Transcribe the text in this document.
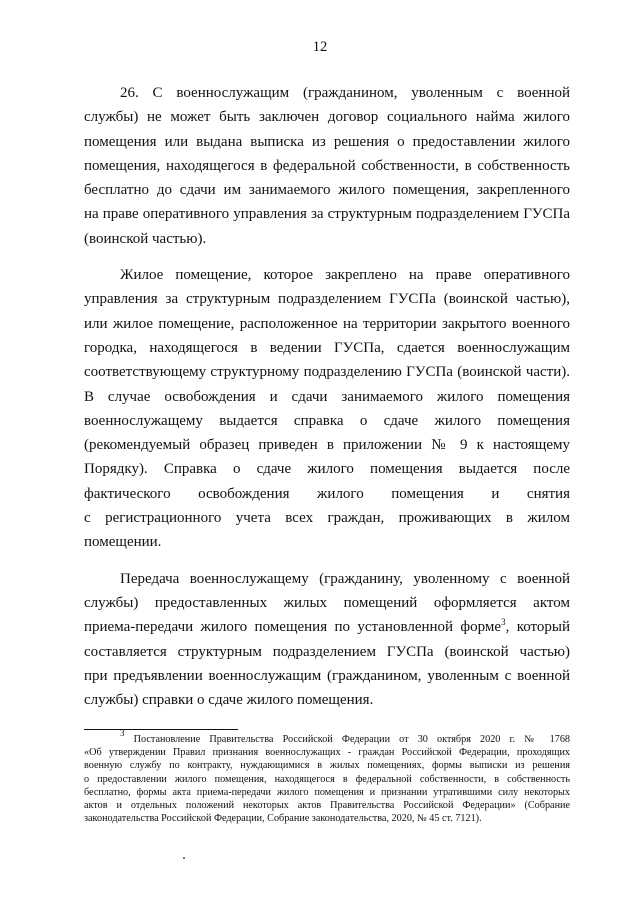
12

26. С военнослужащим (гражданином, уволенным с военной
службы) не может быть заключен договор социального найма жилого
помещения или выдана выписка из решения о предоставлении жилого
помещения, находящегося в федеральной собственности, в собственность
бесплатно до сдачи им занимаемого жилого помещения, закрепленного
на праве оперативного управления за структурным подразделением ГУСПа
(воинской частью).

Жилое помещение, которое закреплено на праве оперативного
управления за структурным подразделением ГУСПа (воинской частью),
или жилое помещение, расположенное на территории закрытого военного
городка, находящегося в ведении ГУСПа, сдается военнослужащим
соответствующему структурному подразделению ГУСПа (воинской части).
В случае освобождения и сдачи занимаемого жилого помещения
военнослужащему выдается справка о сдаче жилого помещения
(рекомендуемый образец приведен в приложении № 9 к настоящему
Порядку). Справка о сдаче жилого помещения выдается после
фактического освобождения жилого помещения и снятия
с регистрационного учета всех граждан, проживающих в жилом
помещении.

Передача военнослужащему (гражданину, уволенному с военной
службы) предоставленных жилых помещений оформляется актом
приема-передачи жилого помещения по установленной форме$^3$, который
составляется структурным подразделением ГУСПа (воинской частью)
при предъявлении военнослужащим (гражданином, уволенным с военной
службы) справки о сдаче жилого помещения.

$^3$ Постановление Правительства Российской Федерации от 30 октября 2020 г. № 1768
«Об утверждении Правил признания военнослужащих - граждан Российской Федерации, проходящих
военную службу по контракту, нуждающимися в жилых помещениях, формы выписки из решения
о предоставлении жилого помещения, находящегося в федеральной собственности, в собственность
бесплатно, формы акта приема-передачи жилого помещения и признании утратившими силу некоторых
актов и отдельных положений некоторых актов Правительства Российской Федерации» (Собрание
законодательства Российской Федерации, Собрание законодательства, 2020, № 45 ст. 7121).
